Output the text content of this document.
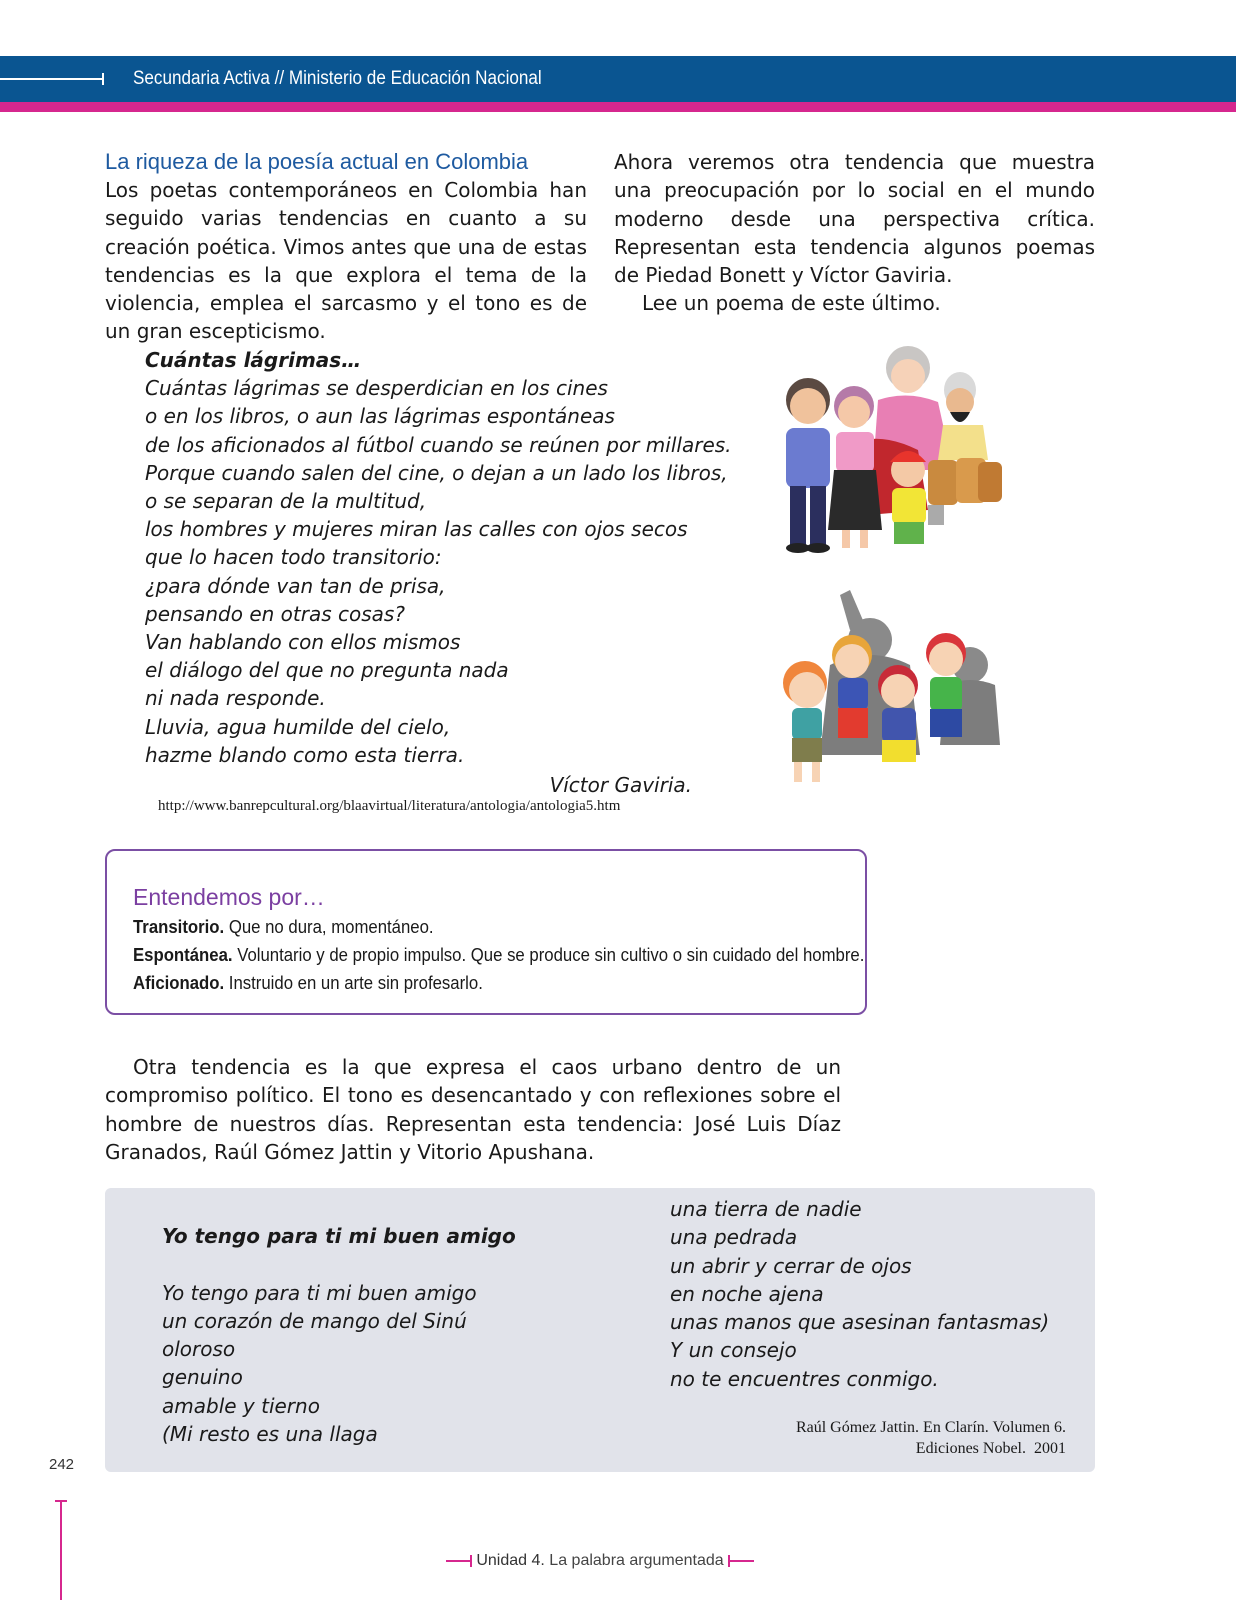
Secundaria Activa // Ministerio de Educación Nacional
La riqueza de la poesía actual en Colombia
Los poetas contemporáneos en Colombia han seguido varias tendencias en cuanto a su creación poética. Vimos antes que una de estas tendencias es la que explora el tema de la violencia, emplea el sarcasmo y el tono es de un gran escepticismo.
Ahora veremos otra tendencia que muestra una preocupación por lo social en el mundo moderno desde una perspectiva crítica. Representan esta tendencia algunos poemas de Piedad Bonett y Víctor Gaviria.
Lee un poema de este último.
Cuántas lágrimas…
Cuántas lágrimas se desperdician en los cines
o en los libros, o aun las lágrimas espontáneas
de los aficionados al fútbol cuando se reúnen por millares.
Porque cuando salen del cine, o dejan a un lado los libros,
o se separan de la multitud,
los hombres y mujeres miran las calles con ojos secos
que lo hacen todo transitorio:
¿para dónde van tan de prisa,
pensando en otras cosas?
Van hablando con ellos mismos
el diálogo del que no pregunta nada
ni nada responde.
Lluvia, agua humilde del cielo,
hazme blando como esta tierra.
Víctor Gaviria.
http://www.banrepcultural.org/blaavirtual/literatura/antologia/antologia5.htm
Entendemos por…
Transitorio. Que no dura, momentáneo.
Espontánea. Voluntario y de propio impulso. Que se produce sin cultivo o sin cuidado del hombre.
Aficionado. Instruido en un arte sin profesarlo.
Otra tendencia es la que expresa el caos urbano dentro de un compromiso político. El tono es desencantado y con reflexiones sobre el hombre de nuestros días. Representan esta tendencia: José Luis Díaz Granados, Raúl Gómez Jattin y Vitorio Apushana.
Yo tengo para ti mi buen amigo

Yo tengo para ti mi buen amigo
un corazón de mango del Sinú
oloroso
genuino
amable y tierno
(Mi resto es una llaga
una tierra de nadie
una pedrada
un abrir y cerrar de ojos
en noche ajena
unas manos que asesinan fantasmas)
Y un consejo
no te encuentres conmigo.
Raúl Gómez Jattin. En Clarín. Volumen 6.
Ediciones Nobel.  2001
242
Unidad 4. La palabra argumentada
